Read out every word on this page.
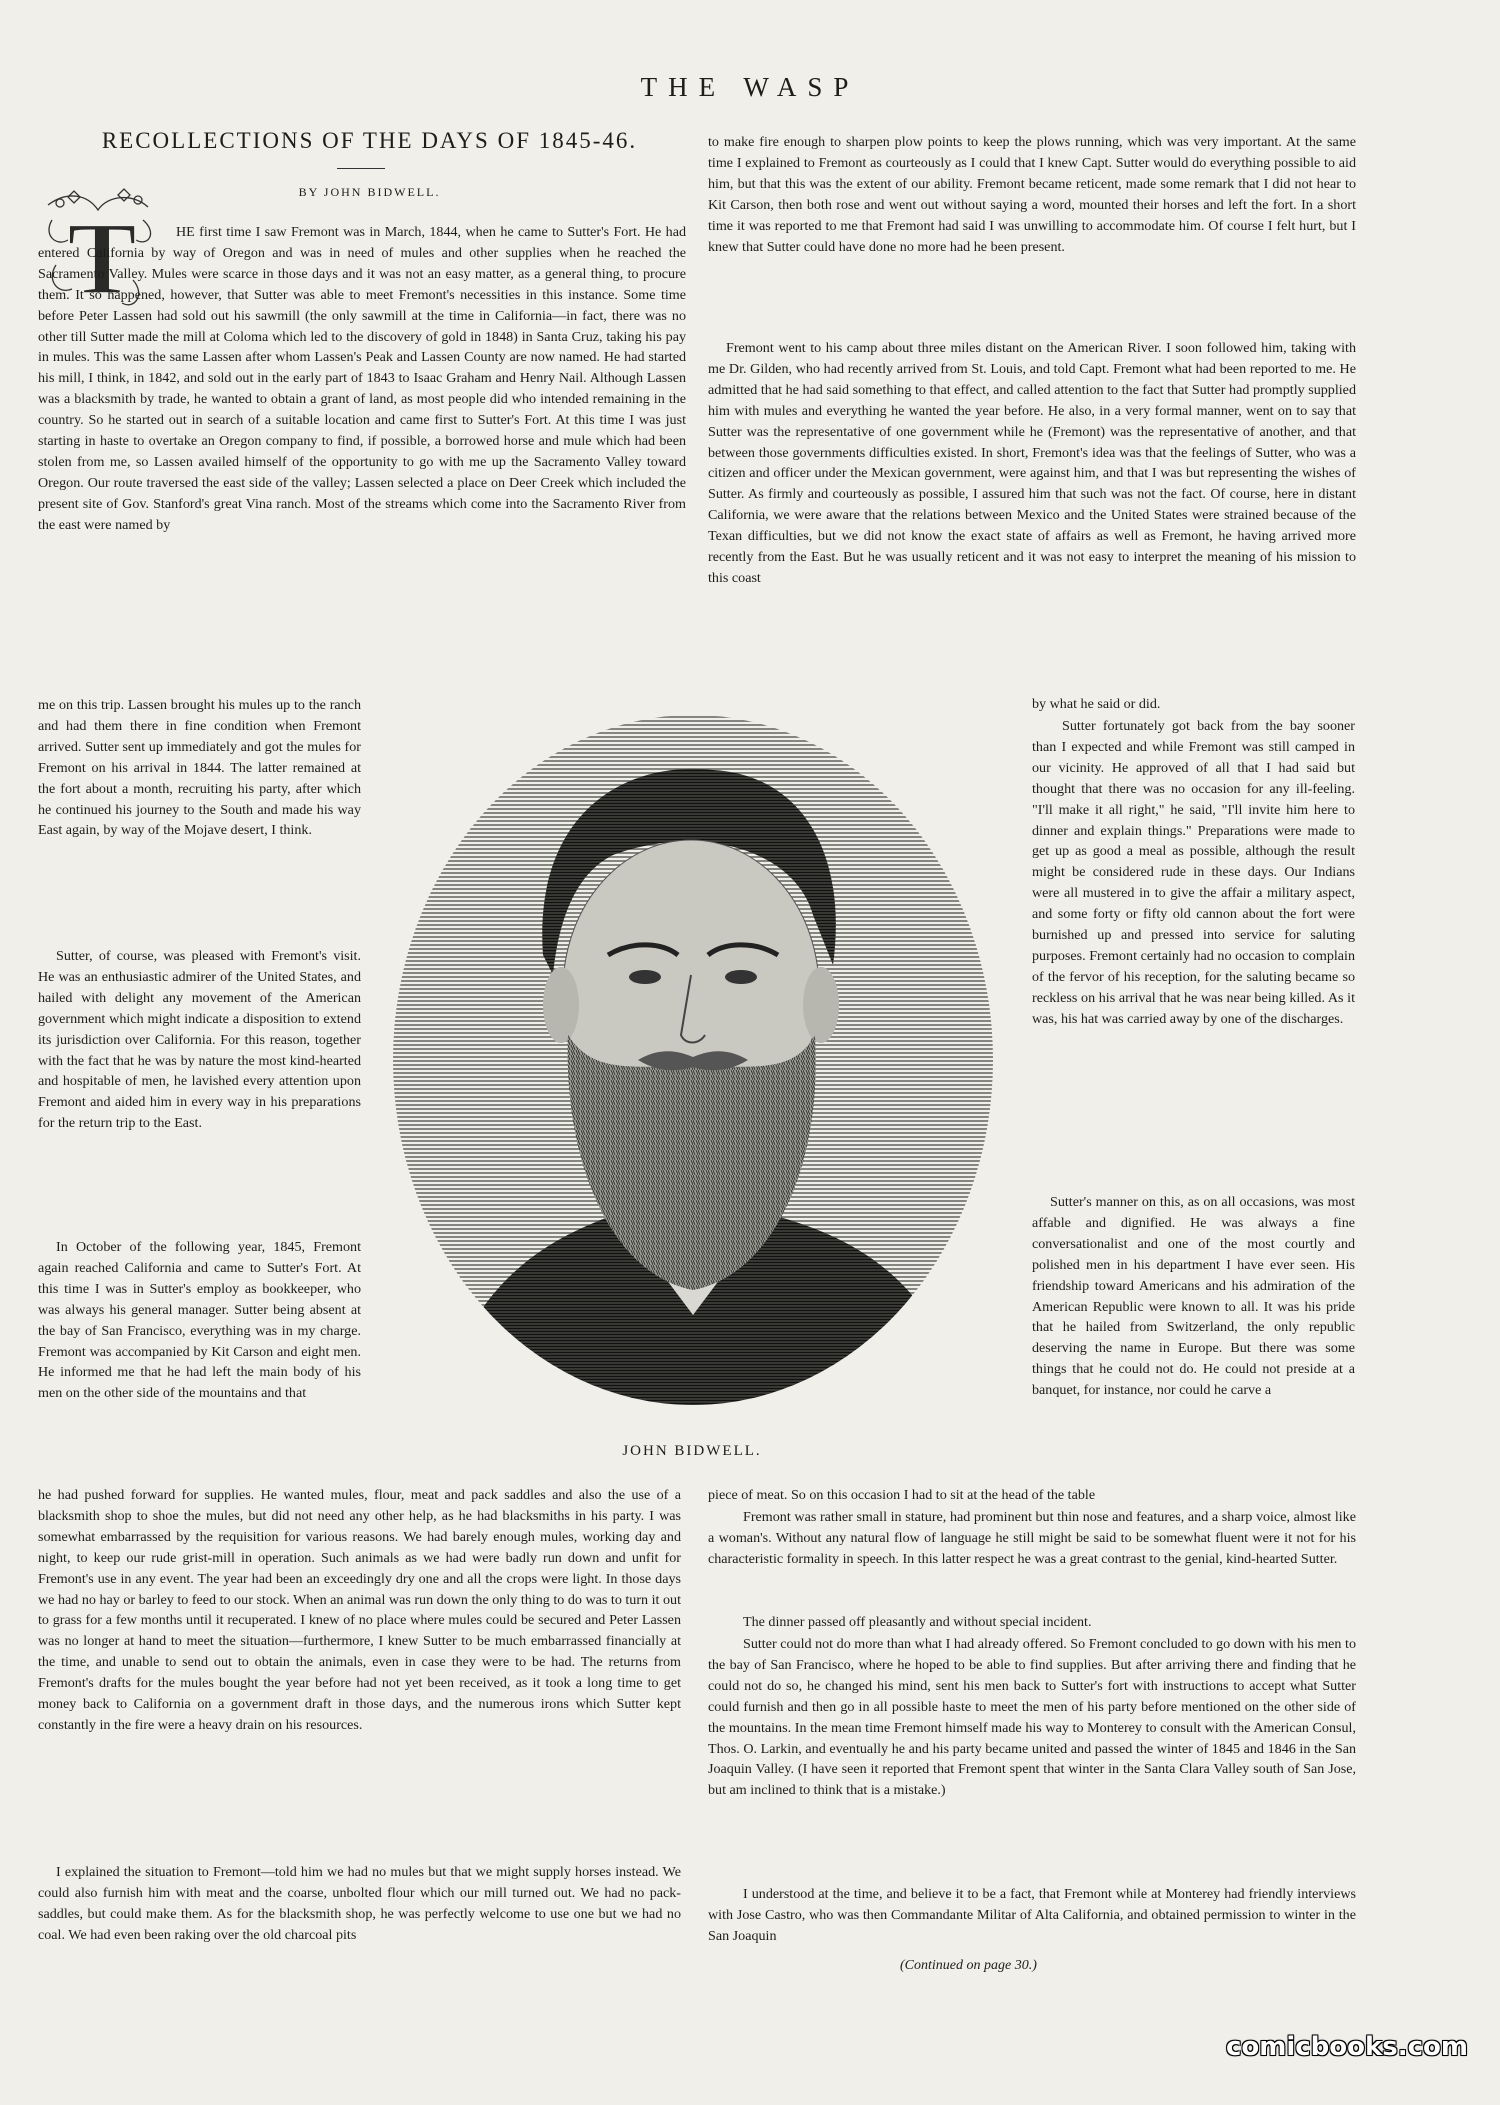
THE WASP
RECOLLECTIONS OF THE DAYS OF 1845-46.
BY JOHN BIDWELL.
T
JOHN BIDWELL.

HE first time I saw Fremont was in March, 1844, when he came to Sutter's Fort. He had entered California by way of Oregon and was in need of mules and other supplies when he reached the Sacramento Valley. Mules were scarce in those days and it was not an easy matter, as a general thing, to procure them. It so happened, however, that Sutter was able to meet Fremont's necessities in this instance. Some time before Peter Lassen had sold out his sawmill (the only sawmill at the time in California—in fact, there was no other till Sutter made the mill at Coloma which led to the discovery of gold in 1848) in Santa Cruz, taking his pay in mules. This was the same Lassen after whom Lassen's Peak and Lassen County are now named. He had started his mill, I think, in 1842, and sold out in the early part of 1843 to Isaac Graham and Henry Nail. Although Lassen was a blacksmith by trade, he wanted to obtain a grant of land, as most people did who intended remaining in the country. So he started out in search of a suitable location and came first to Sutter's Fort. At this time I was just starting in haste to overtake an Oregon company to find, if possible, a borrowed horse and mule which had been stolen from me, so Lassen availed himself of the opportunity to go with me up the Sacramento Valley toward Oregon. Our route traversed the east side of the valley; Lassen selected a place on Deer Creek which included the present site of Gov. Stanford's great Vina ranch. Most of the streams which come into the Sacramento River from the east were named by

me on this trip. Lassen brought his mules up to the ranch and had them there in fine condition when Fremont arrived. Sutter sent up immediately and got the mules for Fremont on his arrival in 1844. The latter remained at the fort about a month, recruiting his party, after which he continued his journey to the South and made his way East again, by way of the Mojave desert, I think.

Sutter, of course, was pleased with Fremont's visit. He was an enthusiastic admirer of the United States, and hailed with delight any movement of the American government which might indicate a disposition to extend its jurisdiction over California. For this reason, together with the fact that he was by nature the most kind-hearted and hospitable of men, he lavished every attention upon Fremont and aided him in every way in his preparations for the return trip to the East.

In October of the following year, 1845, Fremont again reached California and came to Sutter's Fort. At this time I was in Sutter's employ as bookkeeper, who was always his general manager. Sutter being absent at the bay of San Francisco, everything was in my charge. Fremont was accompanied by Kit Carson and eight men. He informed me that he had left the main body of his men on the other side of the mountains and that

he had pushed forward for supplies. He wanted mules, flour, meat and pack saddles and also the use of a blacksmith shop to shoe the mules, but did not need any other help, as he had blacksmiths in his party. I was somewhat embarrassed by the requisition for various reasons. We had barely enough mules, working day and night, to keep our rude grist-mill in operation. Such animals as we had were badly run down and unfit for Fremont's use in any event. The year had been an exceedingly dry one and all the crops were light. In those days we had no hay or barley to feed to our stock. When an animal was run down the only thing to do was to turn it out to grass for a few months until it recuperated. I knew of no place where mules could be secured and Peter Lassen was no longer at hand to meet the situation—furthermore, I knew Sutter to be much embarrassed financially at the time, and unable to send out to obtain the animals, even in case they were to be had. The returns from Fremont's drafts for the mules bought the year before had not yet been received, as it took a long time to get money back to California on a government draft in those days, and the numerous irons which Sutter kept constantly in the fire were a heavy drain on his resources.

I explained the situation to Fremont—told him we had no mules but that we might supply horses instead. We could also furnish him with meat and the coarse, unbolted flour which our mill turned out. We had no pack-saddles, but could make them. As for the blacksmith shop, he was perfectly welcome to use one but we had no coal. We had even been raking over the old charcoal pits

to make fire enough to sharpen plow points to keep the plows running, which was very important. At the same time I explained to Fremont as courteously as I could that I knew Capt. Sutter would do everything possible to aid him, but that this was the extent of our ability. Fremont became reticent, made some remark that I did not hear to Kit Carson, then both rose and went out without saying a word, mounted their horses and left the fort. In a short time it was reported to me that Fremont had said I was unwilling to accommodate him. Of course I felt hurt, but I knew that Sutter could have done no more had he been present.

Fremont went to his camp about three miles distant on the American River. I soon followed him, taking with me Dr. Gilden, who had recently arrived from St. Louis, and told Capt. Fremont what had been reported to me. He admitted that he had said something to that effect, and called attention to the fact that Sutter had promptly supplied him with mules and everything he wanted the year before. He also, in a very formal manner, went on to say that Sutter was the representative of one government while he (Fremont) was the representative of another, and that between those governments difficulties existed. In short, Fremont's idea was that the feelings of Sutter, who was a citizen and officer under the Mexican government, were against him, and that I was but representing the wishes of Sutter. As firmly and courteously as possible, I assured him that such was not the fact. Of course, here in distant California, we were aware that the relations between Mexico and the United States were strained because of the Texan difficulties, but we did not know the exact state of affairs as well as Fremont, he having arrived more recently from the East. But he was usually reticent and it was not easy to interpret the meaning of his mission to this coast

by what he said or did.

Sutter fortunately got back from the bay sooner than I expected and while Fremont was still camped in our vicinity. He approved of all that I had said but thought that there was no occasion for any ill-feeling. "I'll make it all right," he said, "I'll invite him here to dinner and explain things." Preparations were made to get up as good a meal as possible, although the result might be considered rude in these days. Our Indians were all mustered in to give the affair a military aspect, and some forty or fifty old cannon about the fort were burnished up and pressed into service for saluting purposes. Fremont certainly had no occasion to complain of the fervor of his reception, for the saluting became so reckless on his arrival that he was near being killed. As it was, his hat was carried away by one of the discharges.

Sutter's manner on this, as on all occasions, was most affable and dignified. He was always a fine conversationalist and one of the most courtly and polished men in his department I have ever seen. His friendship toward Americans and his admiration of the American Republic were known to all. It was his pride that he hailed from Switzerland, the only republic deserving the name in Europe. But there was some things that he could not do. He could not preside at a banquet, for instance, nor could he carve a

piece of meat. So on this occasion I had to sit at the head of the table

Fremont was rather small in stature, had prominent but thin nose and features, and a sharp voice, almost like a woman's. Without any natural flow of language he still might be said to be somewhat fluent were it not for his characteristic formality in speech. In this latter respect he was a great contrast to the genial, kind-hearted Sutter.

The dinner passed off pleasantly and without special incident.

Sutter could not do more than what I had already offered. So Fremont concluded to go down with his men to the bay of San Francisco, where he hoped to be able to find supplies. But after arriving there and finding that he could not do so, he changed his mind, sent his men back to Sutter's fort with instructions to accept what Sutter could furnish and then go in all possible haste to meet the men of his party before mentioned on the other side of the mountains. In the mean time Fremont himself made his way to Monterey to consult with the American Consul, Thos. O. Larkin, and eventually he and his party became united and passed the winter of 1845 and 1846 in the San Joaquin Valley. (I have seen it reported that Fremont spent that winter in the Santa Clara Valley south of San Jose, but am inclined to think that is a mistake.)

I understood at the time, and believe it to be a fact, that Fremont while at Monterey had friendly interviews with Jose Castro, who was then Commandante Militar of Alta California, and obtained permission to winter in the San Joaquin

(Continued on page 30.)
comicbooks.com
